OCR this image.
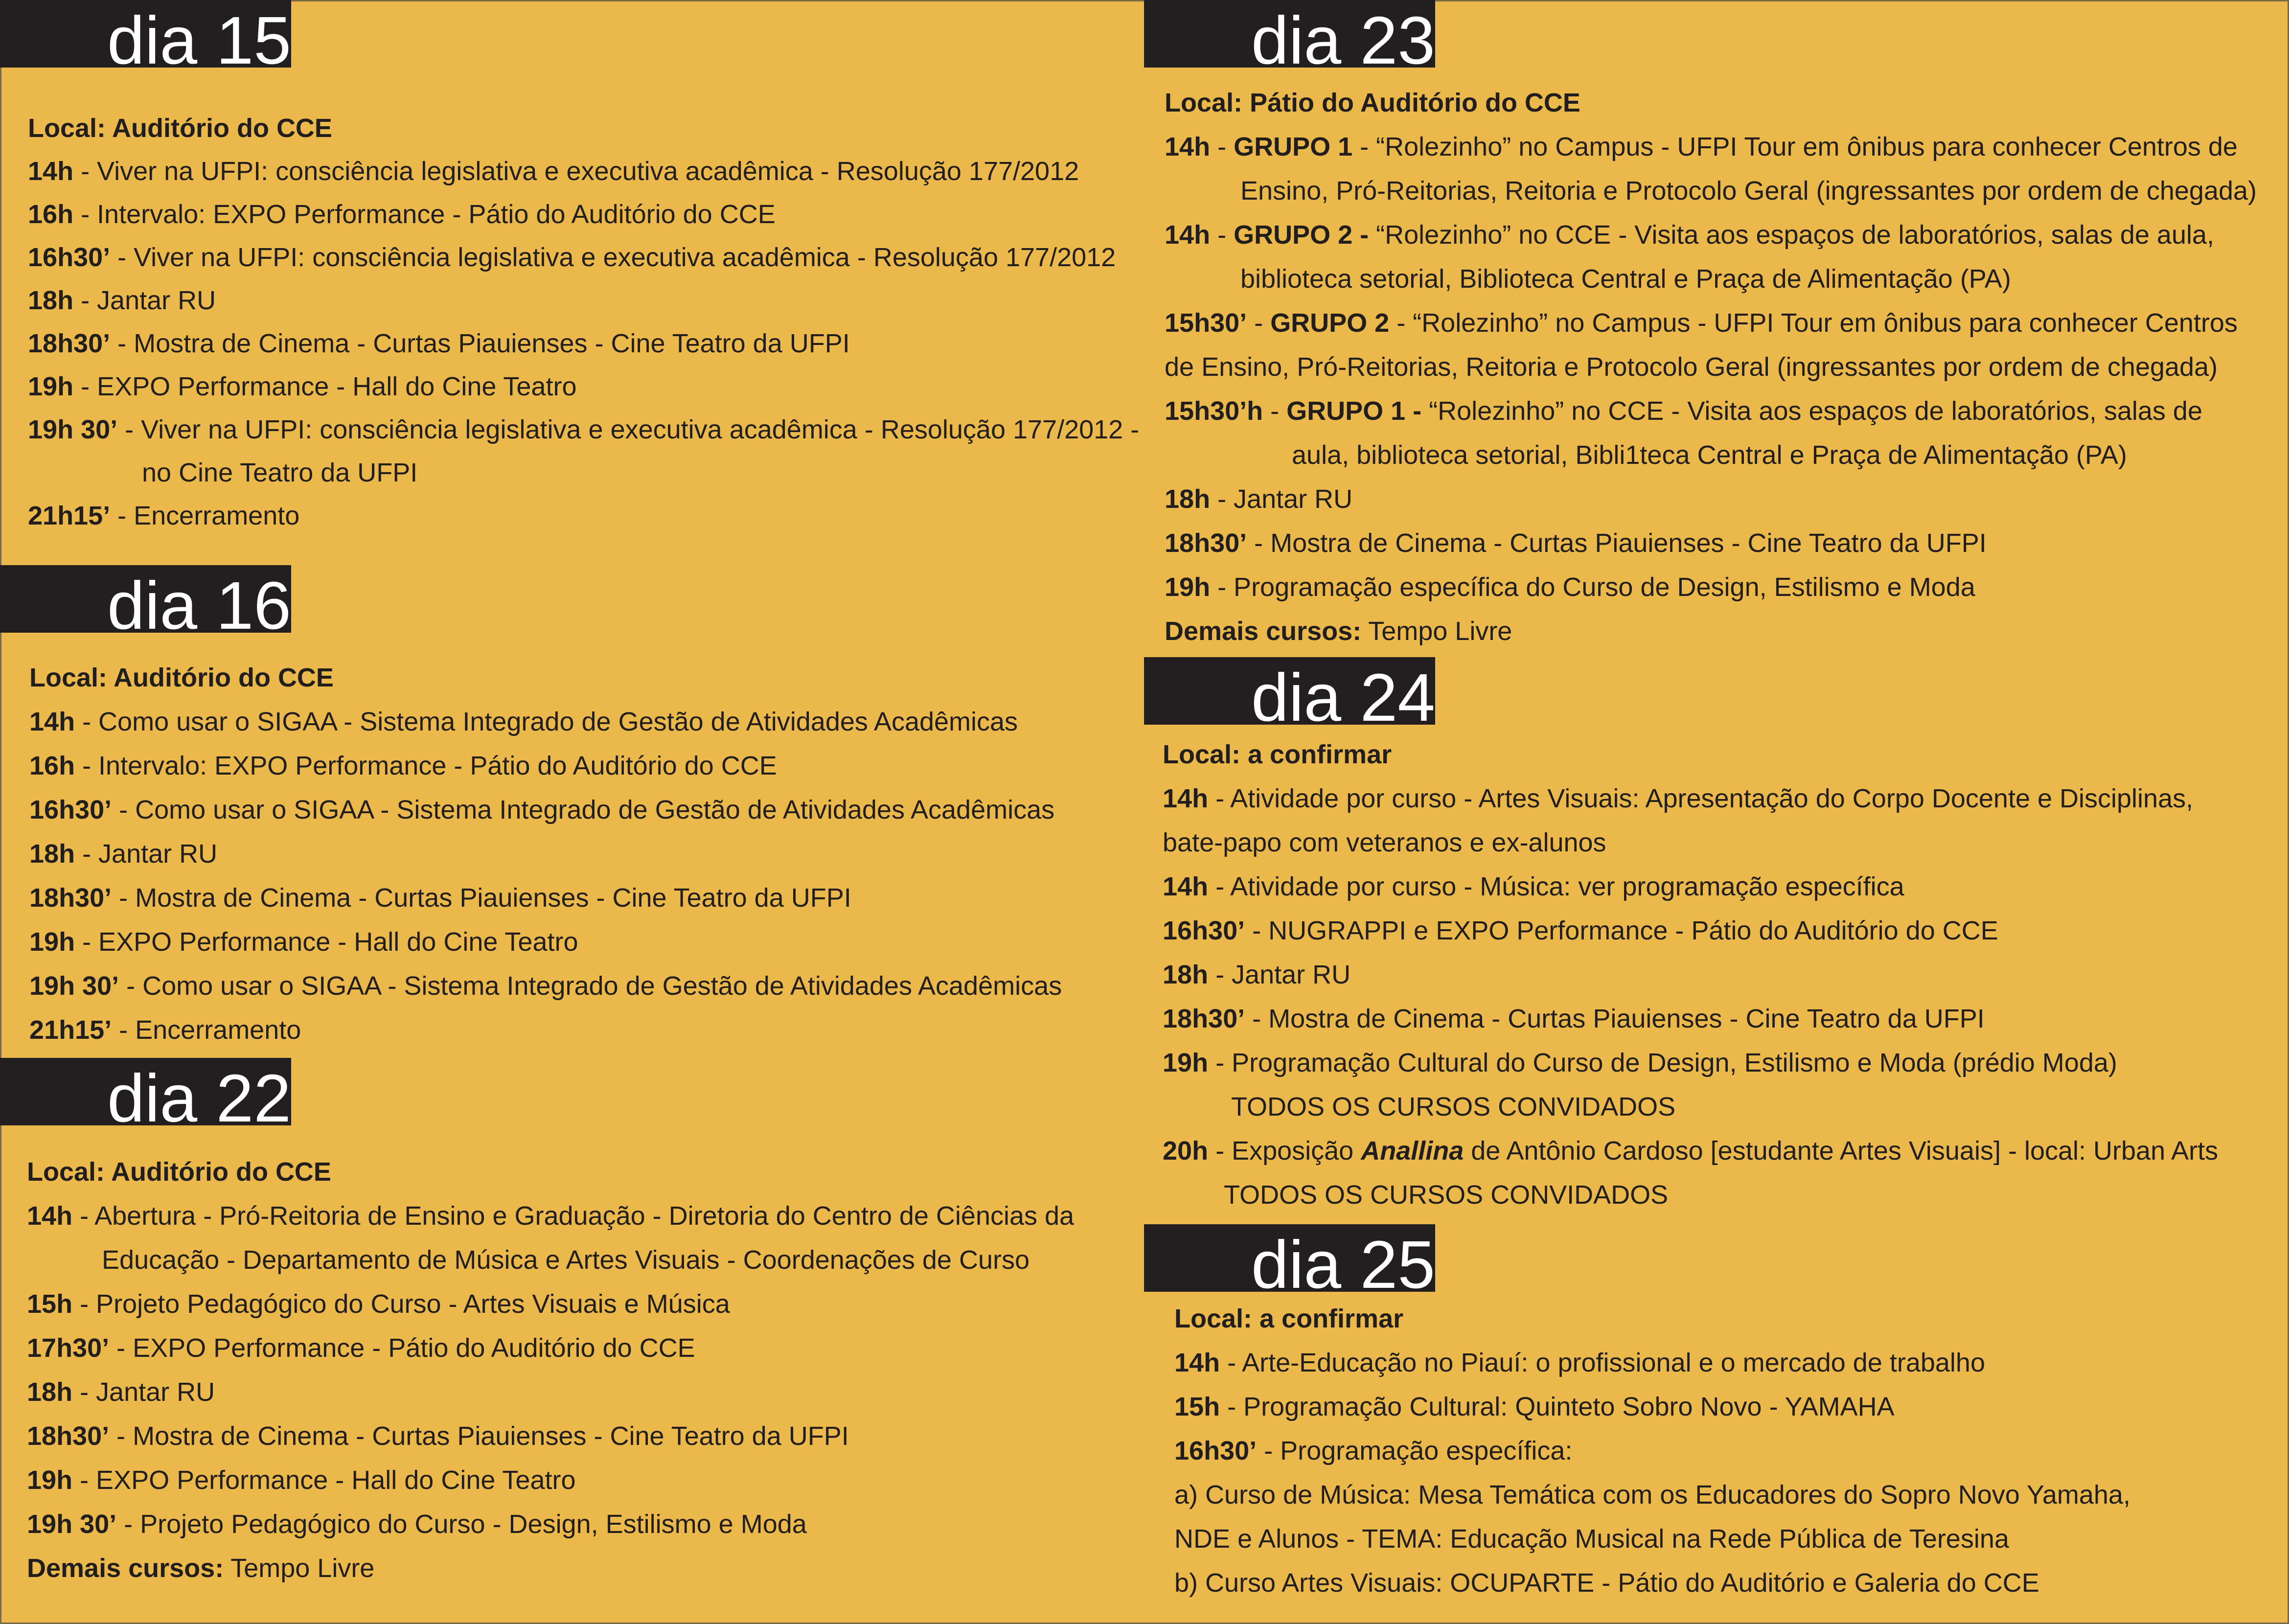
dia 15
Local: Auditório do CCE
14h - Viver na UFPI: consciência legislativa e executiva acadêmica - Resolução 177/2012
16h - Intervalo: EXPO Performance - Pátio do Auditório do CCE
16h30’ - Viver na UFPI: consciência legislativa e executiva acadêmica - Resolução 177/2012
18h - Jantar RU
18h30’ - Mostra de Cinema - Curtas Piauienses - Cine Teatro da UFPI
19h - EXPO Performance - Hall do Cine Teatro
19h 30’ - Viver na UFPI: consciência legislativa e executiva acadêmica - Resolução 177/2012 -
no Cine Teatro da UFPI
21h15’ - Encerramento
dia 16
Local: Auditório do CCE
14h - Como usar o SIGAA - Sistema Integrado de Gestão de Atividades Acadêmicas
16h - Intervalo: EXPO Performance - Pátio do Auditório do CCE
16h30’ - Como usar o SIGAA - Sistema Integrado de Gestão de Atividades Acadêmicas
18h - Jantar RU
18h30’ - Mostra de Cinema - Curtas Piauienses - Cine Teatro da UFPI
19h - EXPO Performance - Hall do Cine Teatro
19h 30’ - Como usar o SIGAA - Sistema Integrado de Gestão de Atividades Acadêmicas
21h15’ - Encerramento
dia 22
Local: Auditório do CCE
14h - Abertura - Pró-Reitoria de Ensino e Graduação - Diretoria do Centro de Ciências da
Educação - Departamento de Música e Artes Visuais - Coordenações de Curso
15h - Projeto Pedagógico do Curso - Artes Visuais e Música
17h30’ - EXPO Performance - Pátio do Auditório do CCE
18h - Jantar RU
18h30’ - Mostra de Cinema - Curtas Piauienses - Cine Teatro da UFPI
19h - EXPO Performance - Hall do Cine Teatro
19h 30’ - Projeto Pedagógico do Curso - Design, Estilismo e Moda
Demais cursos: Tempo Livre
dia 23
Local: Pátio do Auditório do CCE
14h - GRUPO 1 - “Rolezinho” no Campus - UFPI Tour em ônibus para conhecer Centros de
Ensino, Pró-Reitorias, Reitoria e Protocolo Geral (ingressantes por ordem de chegada)
14h - GRUPO 2 - “Rolezinho” no CCE - Visita aos espaços de laboratórios, salas de aula,
biblioteca setorial, Biblioteca Central e Praça de Alimentação (PA)
15h30’ - GRUPO 2 - “Rolezinho” no Campus - UFPI Tour em ônibus para conhecer Centros
de Ensino, Pró-Reitorias, Reitoria e Protocolo Geral (ingressantes por ordem de chegada)
15h30’h - GRUPO 1 - “Rolezinho” no CCE - Visita aos espaços de laboratórios, salas de
aula, biblioteca setorial, Bibli1teca Central e Praça de Alimentação (PA)
18h - Jantar RU
18h30’ - Mostra de Cinema - Curtas Piauienses - Cine Teatro da UFPI
19h - Programação específica do Curso de Design, Estilismo e Moda
Demais cursos: Tempo Livre
dia 24
Local: a confirmar
14h - Atividade por curso - Artes Visuais: Apresentação do Corpo Docente e Disciplinas,
bate-papo com veteranos e ex-alunos
14h - Atividade por curso - Música: ver programação específica
16h30’ - NUGRAPPI e EXPO Performance - Pátio do Auditório do CCE
18h - Jantar RU
18h30’ - Mostra de Cinema - Curtas Piauienses - Cine Teatro da UFPI
19h - Programação Cultural do Curso de Design, Estilismo e Moda (prédio Moda)
TODOS OS CURSOS CONVIDADOS
20h - Exposição Anallina de Antônio Cardoso [estudante Artes Visuais] - local: Urban Arts
TODOS OS CURSOS CONVIDADOS
dia 25
Local: a confirmar
14h - Arte-Educação no Piauí: o profissional e o mercado de trabalho
15h - Programação Cultural: Quinteto Sobro Novo - YAMAHA
16h30’ - Programação específica:
a) Curso de Música: Mesa Temática com os Educadores do Sopro Novo Yamaha,
NDE e Alunos - TEMA: Educação Musical na Rede Pública de Teresina
b) Curso Artes Visuais: OCUPARTE - Pátio do Auditório e Galeria do CCE
